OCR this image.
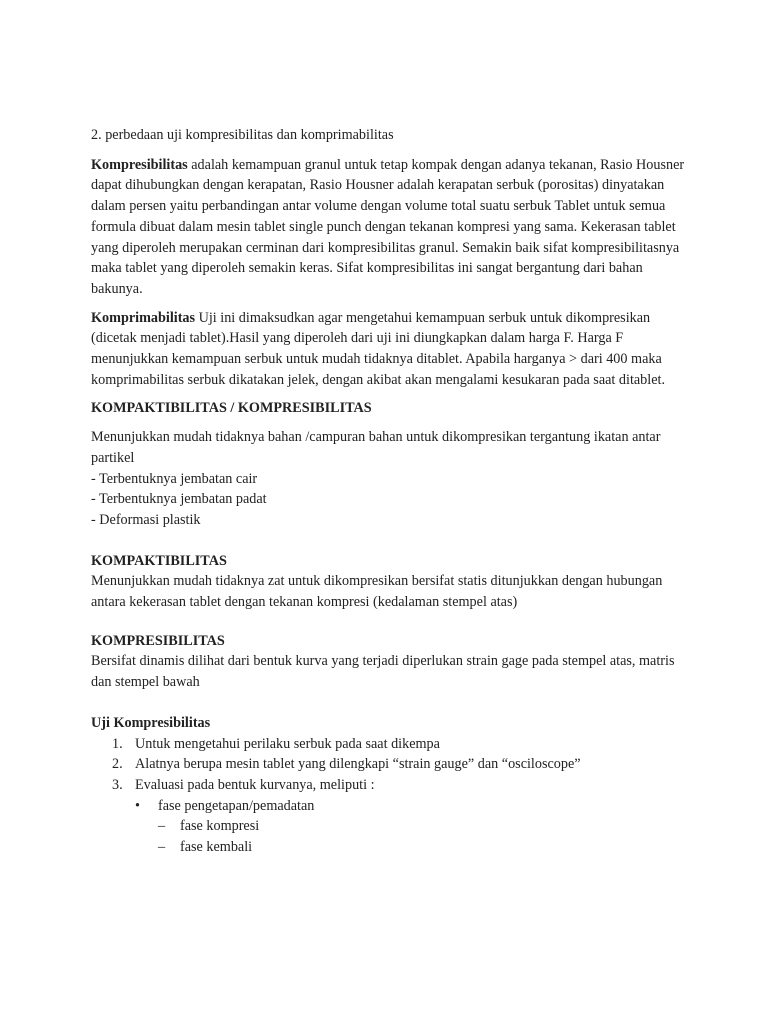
2. perbedaan uji kompresibilitas dan komprimabilitas

Kompresibilitas adalah kemampuan granul untuk tetap kompak dengan adanya tekanan, Rasio Housner dapat dihubungkan dengan kerapatan, Rasio Housner adalah kerapatan serbuk (porositas) dinyatakan dalam persen yaitu perbandingan antar volume dengan volume total suatu serbuk Tablet untuk semua formula dibuat dalam mesin tablet single punch dengan tekanan kompresi yang sama. Kekerasan tablet yang diperoleh merupakan cerminan dari kompresibilitas granul. Semakin baik sifat kompresibilitasnya maka tablet yang diperoleh semakin keras. Sifat kompresibilitas ini sangat bergantung dari bahan bakunya.

Komprimabilitas Uji ini dimaksudkan agar mengetahui kemampuan serbuk untuk dikompresikan (dicetak menjadi tablet).Hasil yang diperoleh dari uji ini diungkapkan dalam harga F. Harga F menunjukkan kemampuan serbuk untuk mudah tidaknya ditablet. Apabila harganya > dari 400 maka komprimabilitas serbuk dikatakan jelek, dengan akibat akan mengalami kesukaran pada saat ditablet.

KOMPAKTIBILITAS / KOMPRESIBILITAS

Menunjukkan mudah tidaknya bahan /campuran bahan untuk dikompresikan tergantung ikatan antar partikel

- Terbentuknya jembatan cair

- Terbentuknya jembatan padat

- Deformasi plastik

KOMPAKTIBILITAS

Menunjukkan mudah tidaknya zat untuk dikompresikan bersifat statis ditunjukkan dengan hubungan antara kekerasan tablet dengan tekanan kompresi (kedalaman stempel atas)

KOMPRESIBILITAS

Bersifat dinamis dilihat dari bentuk kurva yang terjadi diperlukan strain gage pada stempel atas, matris dan stempel bawah

Uji Kompresibilitas

1. Untuk mengetahui perilaku serbuk pada saat dikempa
2. Alatnya berupa mesin tablet yang dilengkapi “strain gauge” dan “osciloscope”
3. Evaluasi pada bentuk kurvanya, meliputi :
• fase pengetapan/pemadatan
– fase kompresi
– fase kembali
